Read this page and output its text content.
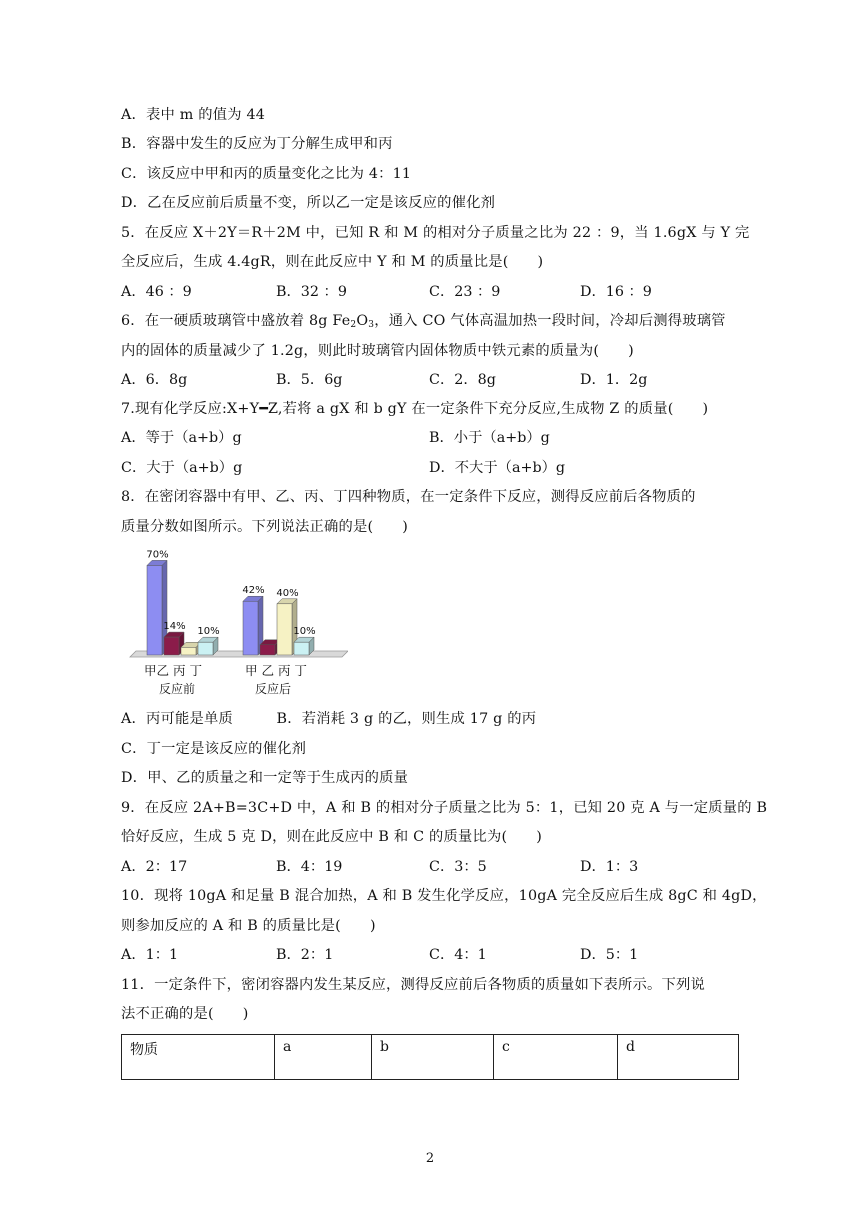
A．表中 m 的值为 44
B．容器中发生的反应为丁分解生成甲和丙
C．该反应中甲和丙的质量变化之比为 4：11
D．乙在反应前后质量不变，所以乙一定是该反应的催化剂
5．在反应 X＋2Y＝R＋2M 中，已知 R 和 M 的相对分子质量之比为 22 ：9，当 1.6gX 与 Y 完
全反应后，生成 4.4gR，则在此反应中 Y 和 M 的质量比是(　　)
A．46 ：9	B．32 ：9	C．23 ：9	D．16 ：9
6．在一硬质玻璃管中盛放着 8g $Fe_2O_3$，通入 CO 气体高温加热一段时间，冷却后测得玻璃管
内的固体的质量减少了 1.2g，则此时玻璃管内固体物质中铁元素的质量为(　　)
A．6．8g	B．5．6g	C．2．8g	D．1．2g
7.现有化学反应:X+Y━Z,若将 a gX 和 b gY 在一定条件下充分反应,生成物 Z 的质量(　　)
A．等于（a+b）g	B．小于（a+b）g
C．大于（a+b）g	D．不大于（a+b）g
8．在密闭容器中有甲、乙、丙、丁四种物质，在一定条件下反应，测得反应前后各物质的
质量分数如图所示。下列说法正确的是(　　)
70%
14% 10%
甲乙 丙 丁
反应前
42% 40%
10%
甲 乙 丙 丁
反应后
A．丙可能是单质　　　B．若消耗 3 g 的乙，则生成 17 g 的丙
C．丁一定是该反应的催化剂
D．甲、乙的质量之和一定等于生成丙的质量
9．在反应 2A+B=3C+D 中，A 和 B 的相对分子质量之比为 5：1，已知 20 克 A 与一定质量的 B
恰好反应，生成 5 克 D，则在此反应中 B 和 C 的质量比为(　　)
A．2：17	B．4：19	C．3：5	D．1：3
10．现将 10gA 和足量 B 混合加热，A 和 B 发生化学反应，10gA 完全反应后生成 8gC 和 4gD，
则参加反应的 A 和 B 的质量比是(　　)
A．1：1	B．2：1	C．4：1	D．5：1
11．一定条件下，密闭容器内发生某反应，测得反应前后各物质的质量如下表所示。下列说
法不正确的是(　　)
物质	a	b	c	d
2
